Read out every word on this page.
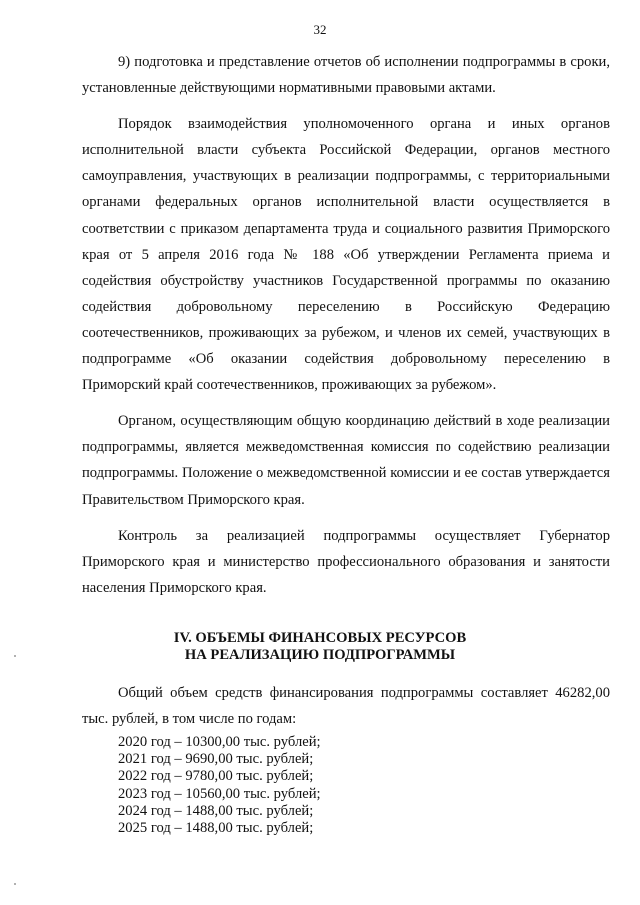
32

9) подготовка и представление отчетов об исполнении подпрограммы в сроки, установленные действующими нормативными правовыми актами.

Порядок взаимодействия уполномоченного органа и иных органов исполнительной власти субъекта Российской Федерации, органов местного самоуправления, участвующих в реализации подпрограммы, с территориальными органами федеральных органов исполнительной власти осуществляется в соответствии с приказом департамента труда и социального развития Приморского края от 5 апреля 2016 года № 188 «Об утверждении Регламента приема и содействия обустройству участников Государственной программы по оказанию содействия добровольному переселению в Российскую Федерацию соотечественников, проживающих за рубежом, и членов их семей, участвующих в подпрограмме «Об оказании содействия добровольному переселению в Приморский край соотечественников, проживающих за рубежом».

Органом, осуществляющим общую координацию действий в ходе реализации подпрограммы, является межведомственная комиссия по содействию реализации подпрограммы. Положение о межведомственной комиссии и ее состав утверждается Правительством Приморского края.

Контроль за реализацией подпрограммы осуществляет Губернатор Приморского края и министерство профессионального образования и занятости населения Приморского края.

IV. ОБЪЕМЫ ФИНАНСОВЫХ РЕСУРСОВ
НА РЕАЛИЗАЦИЮ ПОДПРОГРАММЫ
Общий объем средств финансирования подпрограммы составляет 46282,00 тыс. рублей, в том числе по годам:
2020 год – 10300,00 тыс. рублей;
2021 год – 9690,00 тыс. рублей;
2022 год – 9780,00 тыс. рублей;
2023 год – 10560,00 тыс. рублей;
2024 год – 1488,00 тыс. рублей;
2025 год – 1488,00 тыс. рублей;
